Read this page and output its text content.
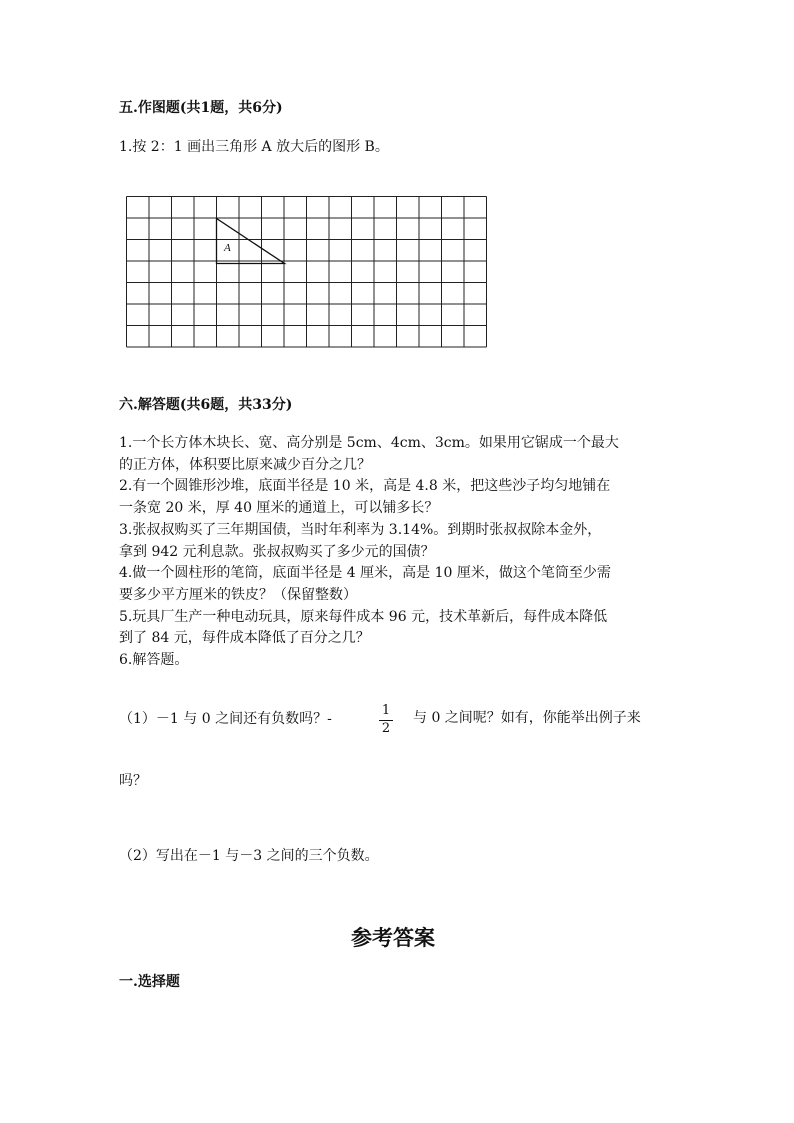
五.作图题(共1题，共6分)
1.按 2：1 画出三角形 A 放大后的图形 B。
A
六.解答题(共6题，共33分)
1.一个长方体木块长、宽、高分别是 5cm、4cm、3cm。如果用它锯成一个最大
的正方体，体积要比原来减少百分之几？
2.有一个圆锥形沙堆，底面半径是 10 米，高是 4.8 米，把这些沙子均匀地铺在
一条宽 20 米，厚 40 厘米的通道上，可以铺多长？
3.张叔叔购买了三年期国债，当时年利率为 3.14%。到期时张叔叔除本金外，
拿到 942 元利息款。张叔叔购买了多少元的国债？
4.做一个圆柱形的笔筒，底面半径是 4 厘米，高是 10 厘米，做这个笔筒至少需
要多少平方厘米的铁皮？（保留整数）
5.玩具厂生产一种电动玩具，原来每件成本 96 元，技术革新后，每件成本降低
到了 84 元，每件成本降低了百分之几？
6.解答题。
（1）－1 与 0 之间还有负数吗？-
1
2
与 0 之间呢？如有，你能举出例子来
吗？
（2）写出在－1 与－3 之间的三个负数。
参考答案
一.选择题
